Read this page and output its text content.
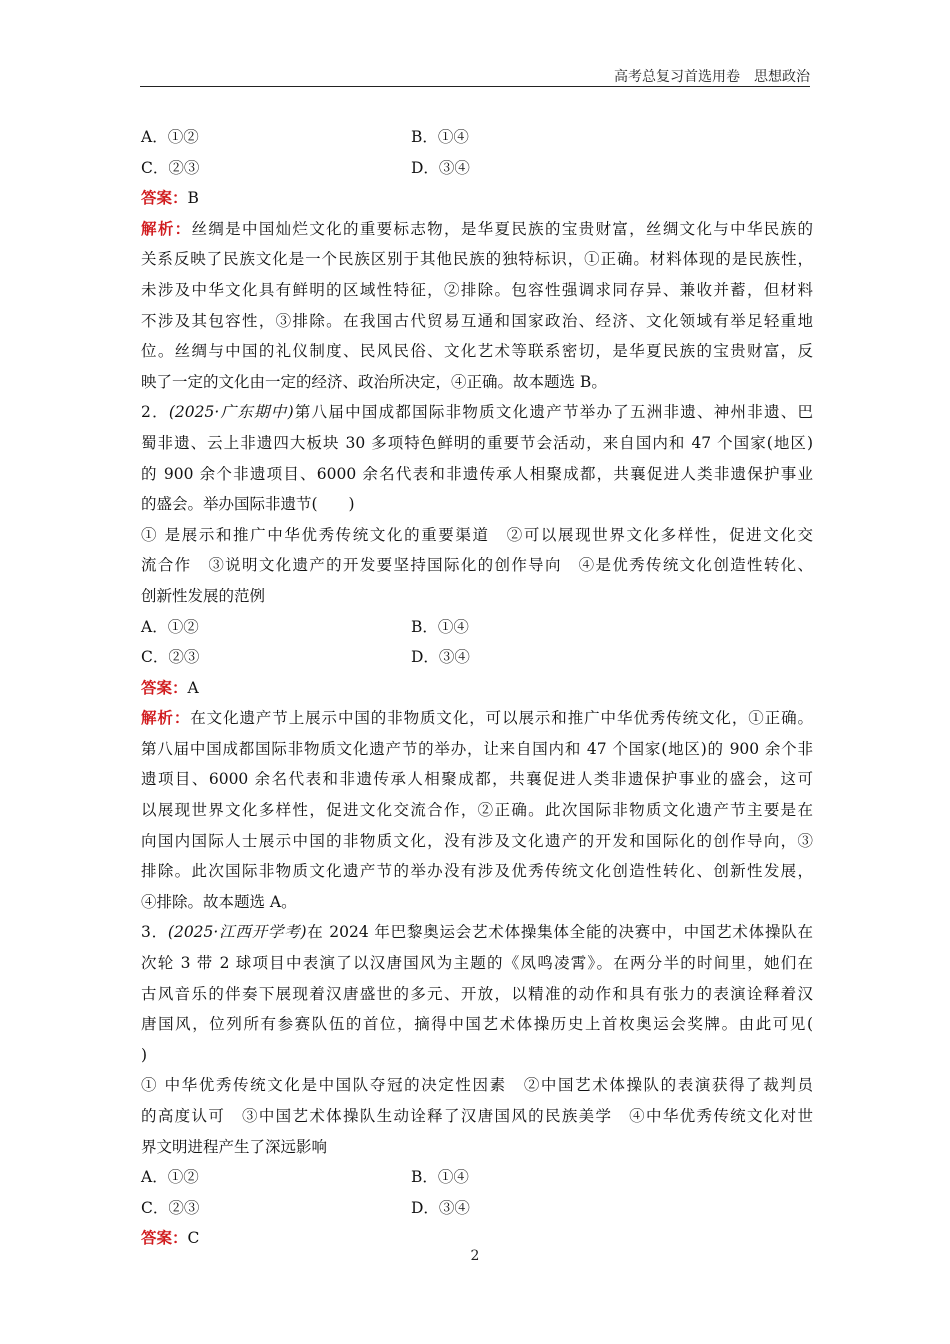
高考总复习首选用卷　思想政治
A．①②	B．①④
C．②③	D．③④
答案：B
解析：丝绸是中国灿烂文化的重要标志物，是华夏民族的宝贵财富，丝绸文化与中华民族的
关系反映了民族文化是一个民族区别于其他民族的独特标识，①正确。材料体现的是民族性，
未涉及中华文化具有鲜明的区域性特征，②排除。包容性强调求同存异、兼收并蓄，但材料
不涉及其包容性，③排除。在我国古代贸易互通和国家政治、经济、文化领域有举足轻重地
位。丝绸与中国的礼仪制度、民风民俗、文化艺术等联系密切，是华夏民族的宝贵财富，反
映了一定的文化由一定的经济、政治所决定，④正确。故本题选 B。
2．(2025·广东期中)第八届中国成都国际非物质文化遗产节举办了五洲非遗、神州非遗、巴
蜀非遗、云上非遗四大板块 30 多项特色鲜明的重要节会活动，来自国内和 47 个国家(地区)
的 900 余个非遗项目、6000 余名代表和非遗传承人相聚成都，共襄促进人类非遗保护事业
的盛会。举办国际非遗节(　　)
① 是展示和推广中华优秀传统文化的重要渠道　②可以展现世界文化多样性，促进文化交
流合作　③说明文化遗产的开发要坚持国际化的创作导向　④是优秀传统文化创造性转化、
创新性发展的范例
A．①②	B．①④
C．②③	D．③④
答案：A
解析：在文化遗产节上展示中国的非物质文化，可以展示和推广中华优秀传统文化，①正确。
第八届中国成都国际非物质文化遗产节的举办，让来自国内和 47 个国家(地区)的 900 余个非
遗项目、6000 余名代表和非遗传承人相聚成都，共襄促进人类非遗保护事业的盛会，这可
以展现世界文化多样性，促进文化交流合作，②正确。此次国际非物质文化遗产节主要是在
向国内国际人士展示中国的非物质文化，没有涉及文化遗产的开发和国际化的创作导向，③
排除。此次国际非物质文化遗产节的举办没有涉及优秀传统文化创造性转化、创新性发展，
④排除。故本题选 A。
3．(2025·江西开学考)在 2024 年巴黎奥运会艺术体操集体全能的决赛中，中国艺术体操队在
次轮 3 带 2 球项目中表演了以汉唐国风为主题的《凤鸣凌霄》。在两分半的时间里，她们在
古风音乐的伴奏下展现着汉唐盛世的多元、开放，以精准的动作和具有张力的表演诠释着汉
唐国风，位列所有参赛队伍的首位，摘得中国艺术体操历史上首枚奥运会奖牌。由此可见(
)
① 中华优秀传统文化是中国队夺冠的决定性因素　②中国艺术体操队的表演获得了裁判员
的高度认可　③中国艺术体操队生动诠释了汉唐国风的民族美学　④中华优秀传统文化对世
界文明进程产生了深远影响
A．①②	B．①④
C．②③	D．③④
答案：C
2
